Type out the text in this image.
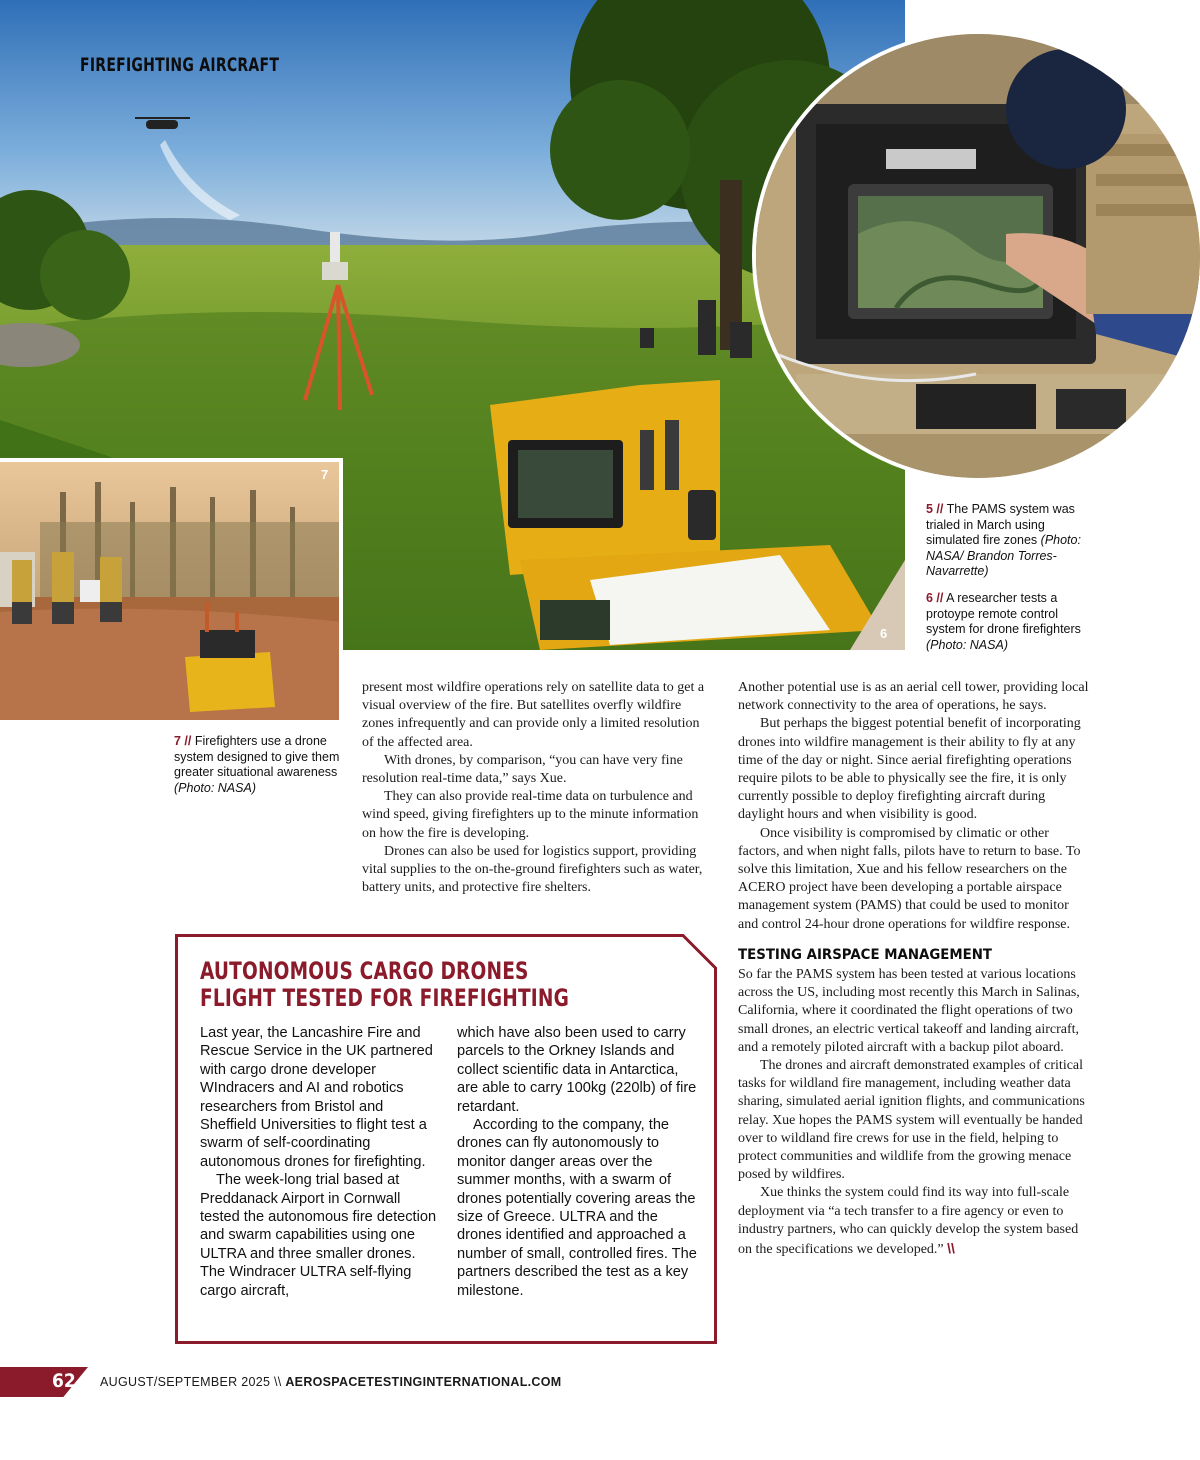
6
FIREFIGHTING AIRCRAFT
5
7
5 // The PAMS system was trialed in March using simulated fire zones (Photo: NASA/ Brandon Torres-Navarrette)
6 // A researcher tests a protoype remote control system for drone firefighters (Photo: NASA)
7 // Firefighters use a drone system designed to give them greater situational awareness (Photo: NASA)

present most wildfire operations rely on satellite data to get a visual overview of the fire. But satellites overfly wildfire zones infrequently and can provide only a limited resolution of the affected area.

With drones, by comparison, “you can have very fine resolution real-time data,” says Xue.

They can also provide real-time data on turbulence and wind speed, giving firefighters up to the minute information on how the fire is developing.

Drones can also be used for logistics support, providing vital supplies to the on-the-ground firefighters such as water, battery units, and protective fire shelters.

Another potential use is as an aerial cell tower, providing local network connectivity to the area of operations, he says.

But perhaps the biggest potential benefit of incorporating drones into wildfire management is their ability to fly at any time of the day or night. Since aerial firefighting operations require pilots to be able to physically see the fire, it is only currently possible to deploy firefighting aircraft during daylight hours and when visibility is good.

Once visibility is compromised by climatic or other factors, and when night falls, pilots have to return to base. To solve this limitation, Xue and his fellow researchers on the ACERO project have been developing a portable airspace management system (PAMS) that could be used to monitor and control 24-hour drone operations for wildfire response.

TESTING AIRSPACE MANAGEMENT

So far the PAMS system has been tested at various locations across the US, including most recently this March in Salinas, California, where it coordinated the flight operations of two small drones, an electric vertical takeoff and landing aircraft, and a remotely piloted aircraft with a backup pilot aboard.

The drones and aircraft demonstrated examples of critical tasks for wildland fire management, including weather data sharing, simulated aerial ignition flights, and communications relay. Xue hopes the PAMS system will eventually be handed over to wildland fire crews for use in the field, helping to protect communities and wildlife from the growing menace posed by wildfires.

Xue thinks the system could find its way into full-scale deployment via “a tech transfer to a fire agency or even to industry partners, who can quickly develop the system based on the specifications we developed.” \\

AUTONOMOUS CARGO DRONES
FLIGHT TESTED FOR FIREFIGHTING

Last year, the Lancashire Fire and Rescue Service in the UK partnered with cargo drone developer WIndracers and AI and robotics researchers from Bristol and Sheffield Universities to flight test a swarm of self-coordinating autonomous drones for firefighting.

The week-long trial based at Preddanack Airport in Cornwall tested the autonomous fire detection and swarm capabilities using one ULTRA and three smaller drones. The Windracer ULTRA self-flying cargo aircraft,

which have also been used to carry parcels to the Orkney Islands and collect scientific data in Antarctica, are able to carry 100kg (220lb) of fire retardant.

According to the company, the drones can fly autonomously to monitor danger areas over the summer months, with a swarm of drones potentially covering areas the size of Greece. ULTRA and the drones identified and approached a number of small, controlled fires. The partners described the test as a key milestone.

62 AUGUST/SEPTEMBER 2025 \\ AEROSPACETESTINGINTERNATIONAL.COM
